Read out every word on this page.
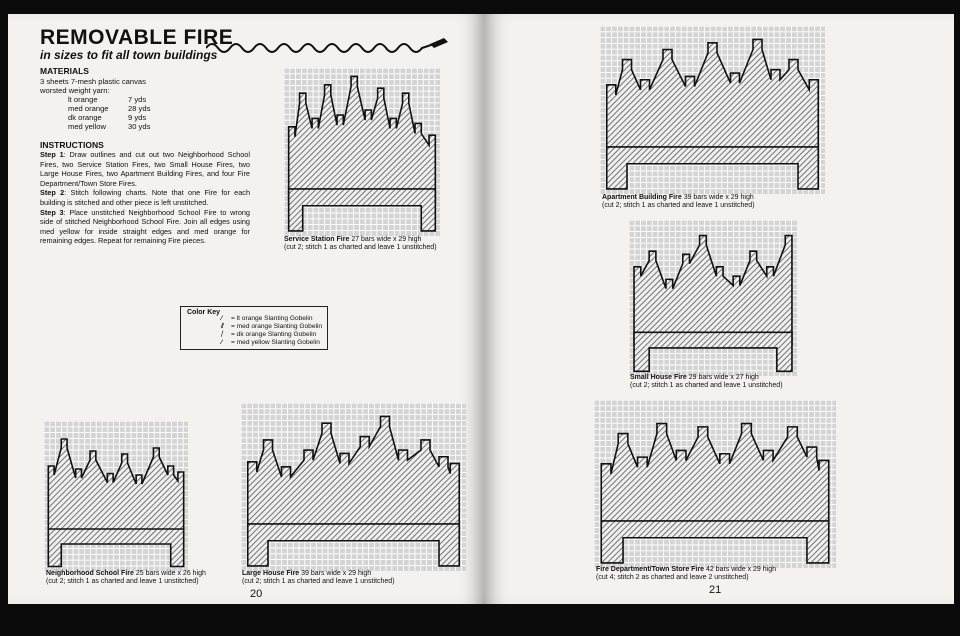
REMOVABLE FIRE
in sizes to fit all town buildings
MATERIALS
3 sheets 7-mesh plastic canvas
worsted weight yarn:
lt orange	7 yds
med orange	28 yds
dk orange	9 yds
med yellow	30 yds
INSTRUCTIONS
Step 1: Draw outlines and cut out two Neighborhood School Fires, two Service Station Fires, two Small House Fires, two Large House Fires, two Apartment Building Fires, and four Fire Department/Town Store Fires.
Step 2: Stitch following charts. Note that one Fire for each building is stitched and other piece is left unstitched.
Step 3: Place unstitched Neighborhood School Fire to wrong side of stitched Neighborhood School Fire. Join all edges using med yellow for inside straight edges and med orange for remaining edges. Repeat for remaining Fire pieces.
Color Key
⁄ = lt orange Slanting Gobelin
⫽ = med orange Slanting Gobelin
⧸ = dk orange Slanting Gobelin
∕ = med yellow Slanting Gobelin
Service Station Fire 27 bars wide x 29 high
(cut 2; stitch 1 as charted and leave 1 unstitched)
Neighborhood School Fire 25 bars wide x 26 high
(cut 2; stitch 1 as charted and leave 1 unstitched)
Large House Fire 39 bars wide x 29 high
(cut 2; stitch 1 as charted and leave 1 unstitched)
20
Apartment Building Fire 39 bars wide x 29 high
(cut 2; stitch 1 as charted and leave 1 unstitched)
Small House Fire 29 bars wide x 27 high
(cut 2; stitch 1 as charted and leave 1 unstitched)
Fire Department/Town Store Fire 42 bars wide x 29 high
(cut 4; stitch 2 as charted and leave 2 unstitched)
21
